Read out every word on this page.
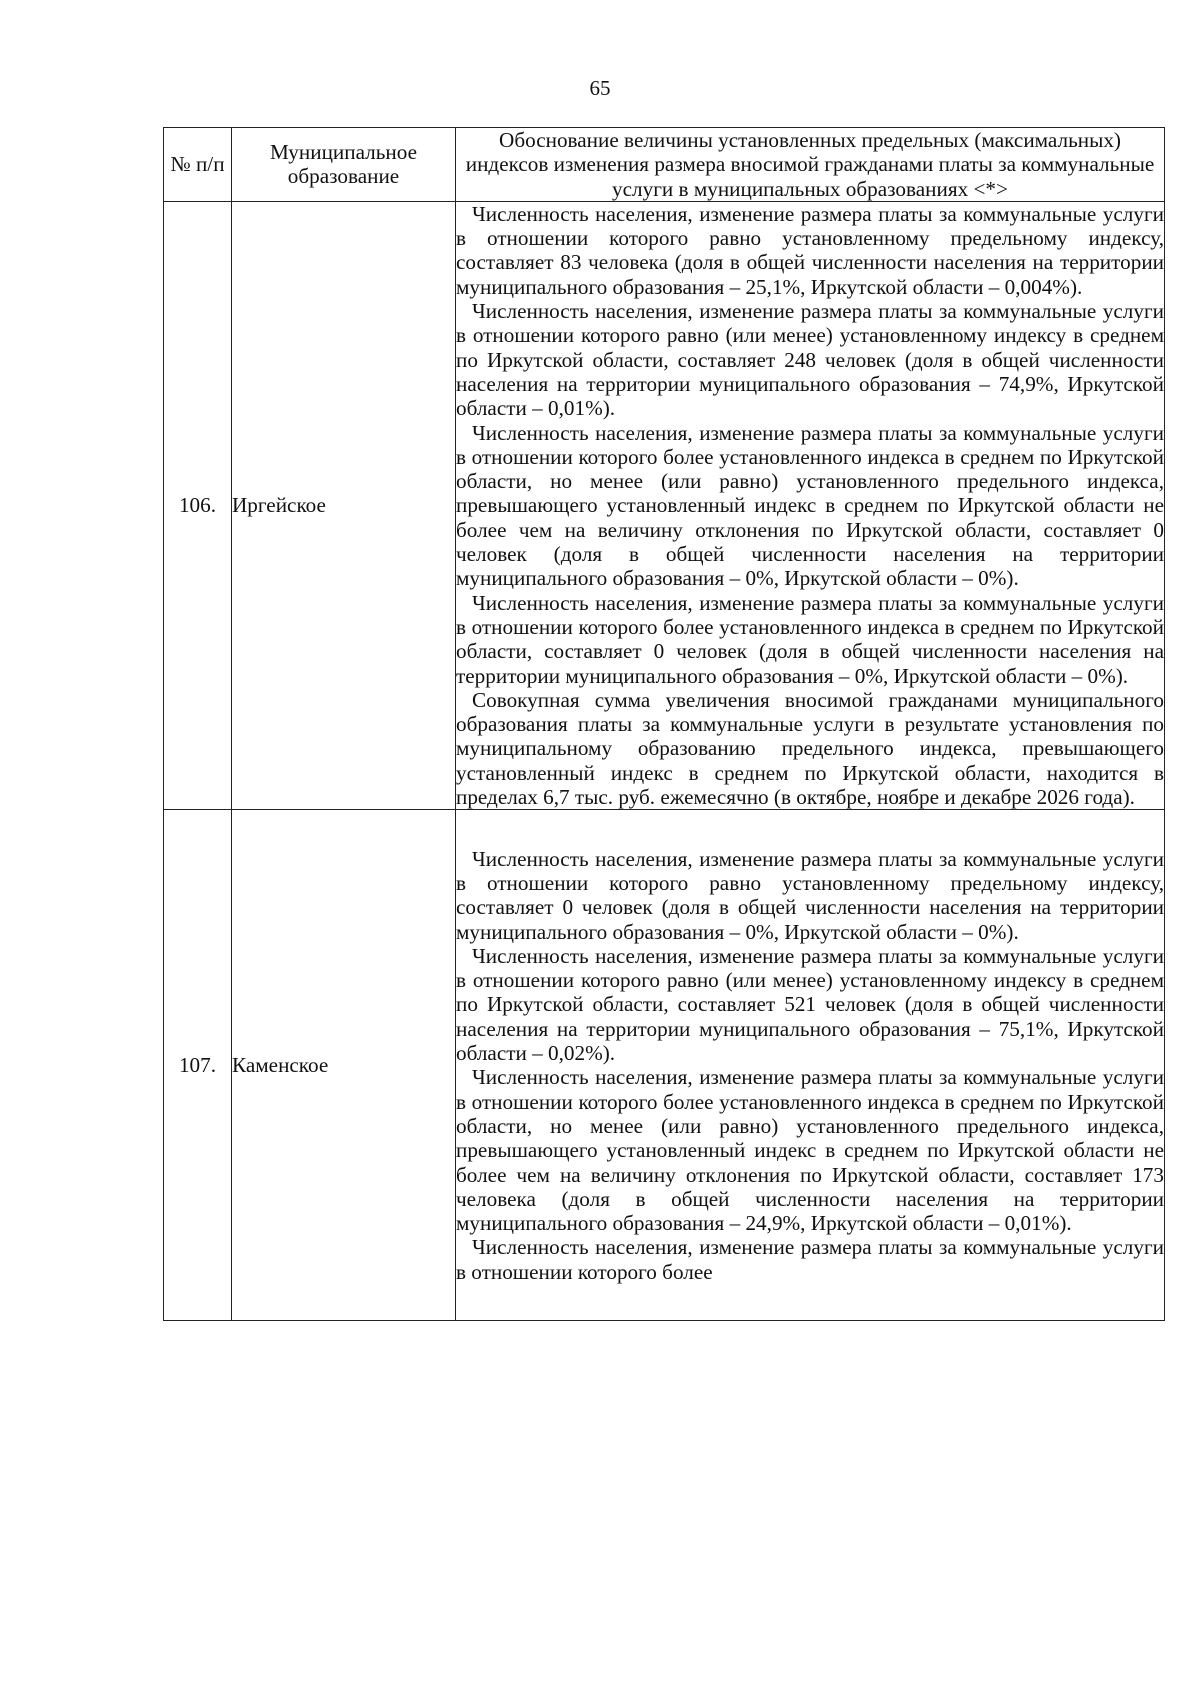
65
№ п/п	Муниципальное образование	Обоснование величины установленных предельных (максимальных) индексов изменения размера вносимой гражданами платы за коммунальные услуги в муниципальных образованиях <*>
106.	Иргейское	Численность населения, изменение размера платы за коммунальные услуги в отношении которого равно установленному предельному индексу, составляет 83 человека (доля в общей численности населения на территории муниципального образования – 25,1%, Иркутской области – 0,004%).

Численность населения, изменение размера платы за коммунальные услуги в отношении которого равно (или менее) установленному индексу в среднем по Иркутской области, составляет 248 человек (доля в общей численности населения на территории муниципального образования – 74,9%, Иркутской области – 0,01%).

Численность населения, изменение размера платы за коммунальные услуги в отношении которого более установленного индекса в среднем по Иркутской области, но менее (или равно) установленного предельного индекса, превышающего установленный индекс в среднем по Иркутской области не более чем на величину отклонения по Иркутской области, составляет 0 человек (доля в общей численности населения на территории муниципального образования – 0%, Иркутской области – 0%).

Численность населения, изменение размера платы за коммунальные услуги в отношении которого более установленного индекса в среднем по Иркутской области, составляет 0 человек (доля в общей численности населения на территории муниципального образования – 0%, Иркутской области – 0%).

Совокупная сумма увеличения вносимой гражданами муниципального образования платы за коммунальные услуги в результате установления по муниципальному образованию предельного индекса, превышающего установленный индекс в среднем по Иркутской области, находится в пределах 6,7 тыс. руб. ежемесячно (в октябре, ноябре и декабре 2026 года).

107.	Каменское	Численность населения, изменение размера платы за коммунальные услуги в отношении которого равно установленному предельному индексу, составляет 0 человек (доля в общей численности населения на территории муниципального образования – 0%, Иркутской области – 0%).

Численность населения, изменение размера платы за коммунальные услуги в отношении которого равно (или менее) установленному индексу в среднем по Иркутской области, составляет 521 человек (доля в общей численности населения на территории муниципального образования – 75,1%, Иркутской области – 0,02%).

Численность населения, изменение размера платы за коммунальные услуги в отношении которого более установленного индекса в среднем по Иркутской области, но менее (или равно) установленного предельного индекса, превышающего установленный индекс в среднем по Иркутской области не более чем на величину отклонения по Иркутской области, составляет 173 человека (доля в общей численности населения на территории муниципального образования – 24,9%, Иркутской области – 0,01%).

Численность населения, изменение размера платы за коммунальные услуги в отношении которого более
